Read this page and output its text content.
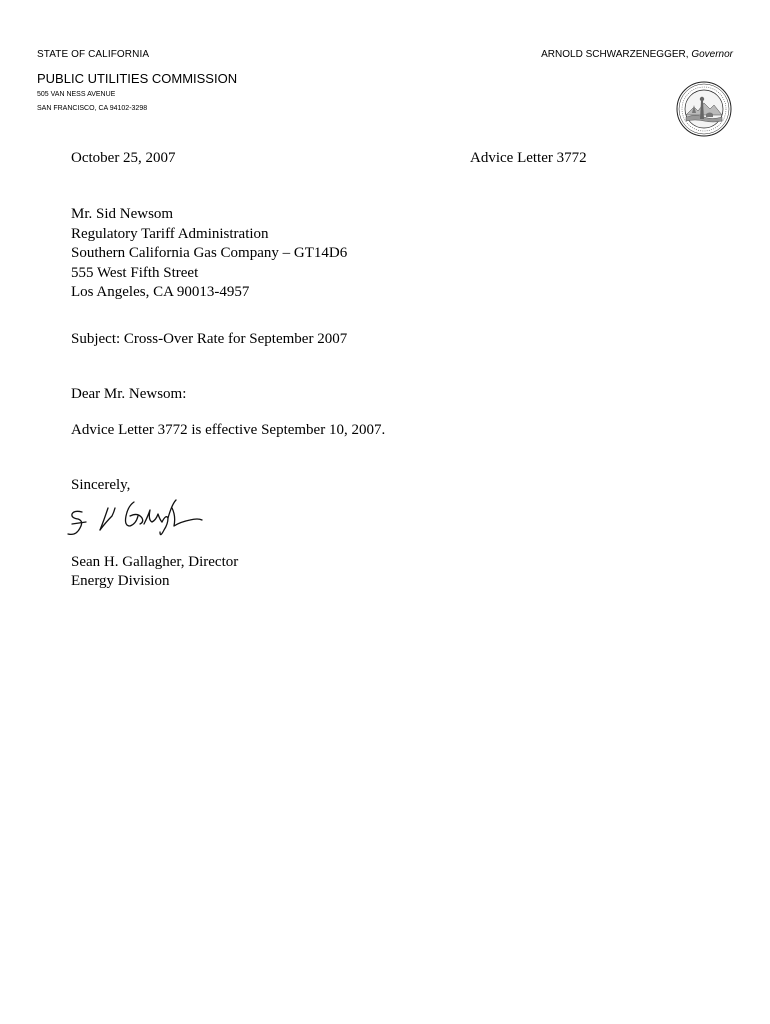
STATE OF CALIFORNIA	ARNOLD SCHWARZENEGGER, Governor
PUBLIC UTILITIES COMMISSION
505 VAN NESS AVENUE
SAN FRANCISCO, CA 94102-3298
October 25, 2007	Advice Letter 3772
Mr. Sid Newsom
Regulatory Tariff Administration
Southern California Gas Company – GT14D6
555 West Fifth Street
Los Angeles, CA 90013-4957
Subject: Cross-Over Rate for September 2007
Dear Mr. Newsom:
Advice Letter 3772 is effective September 10, 2007.
Sincerely,
Sean H. Gallagher, Director
Energy Division
